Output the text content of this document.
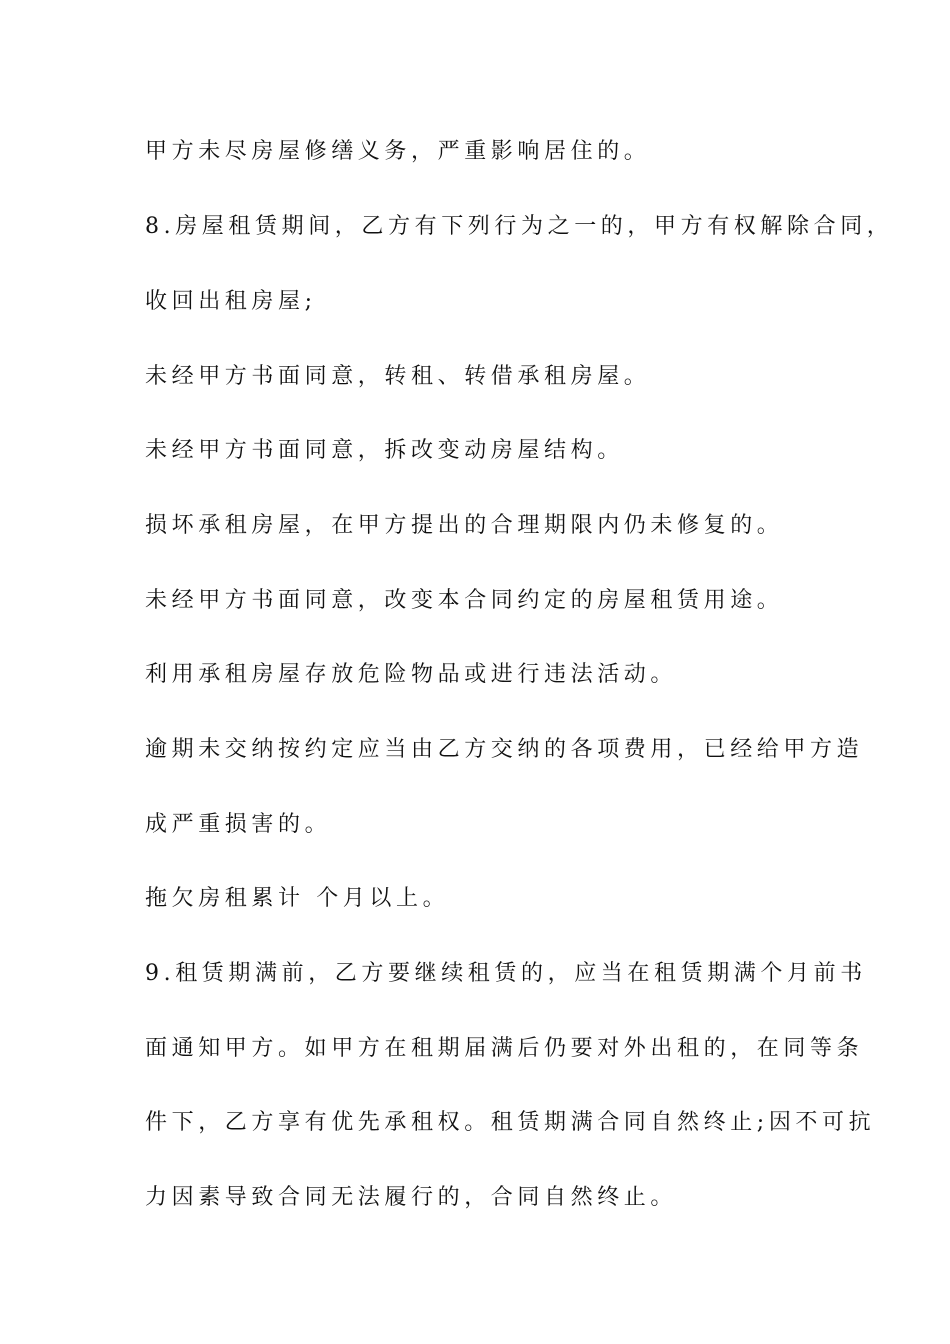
甲方未尽房屋修缮义务，严重影响居住的。
8.房屋租赁期间，乙方有下列行为之一的，甲方有权解除合同，
收回出租房屋;
未经甲方书面同意，转租、转借承租房屋。
未经甲方书面同意，拆改变动房屋结构。
损坏承租房屋，在甲方提出的合理期限内仍未修复的。
未经甲方书面同意，改变本合同约定的房屋租赁用途。
利用承租房屋存放危险物品或进行违法活动。
逾期未交纳按约定应当由乙方交纳的各项费用，已经给甲方造
成严重损害的。
拖欠房租累计 个月以上。
9.租赁期满前，乙方要继续租赁的，应当在租赁期满个月前书
面通知甲方。如甲方在租期届满后仍要对外出租的，在同等条
件下，乙方享有优先承租权。租赁期满合同自然终止;因不可抗
力因素导致合同无法履行的，合同自然终止。
